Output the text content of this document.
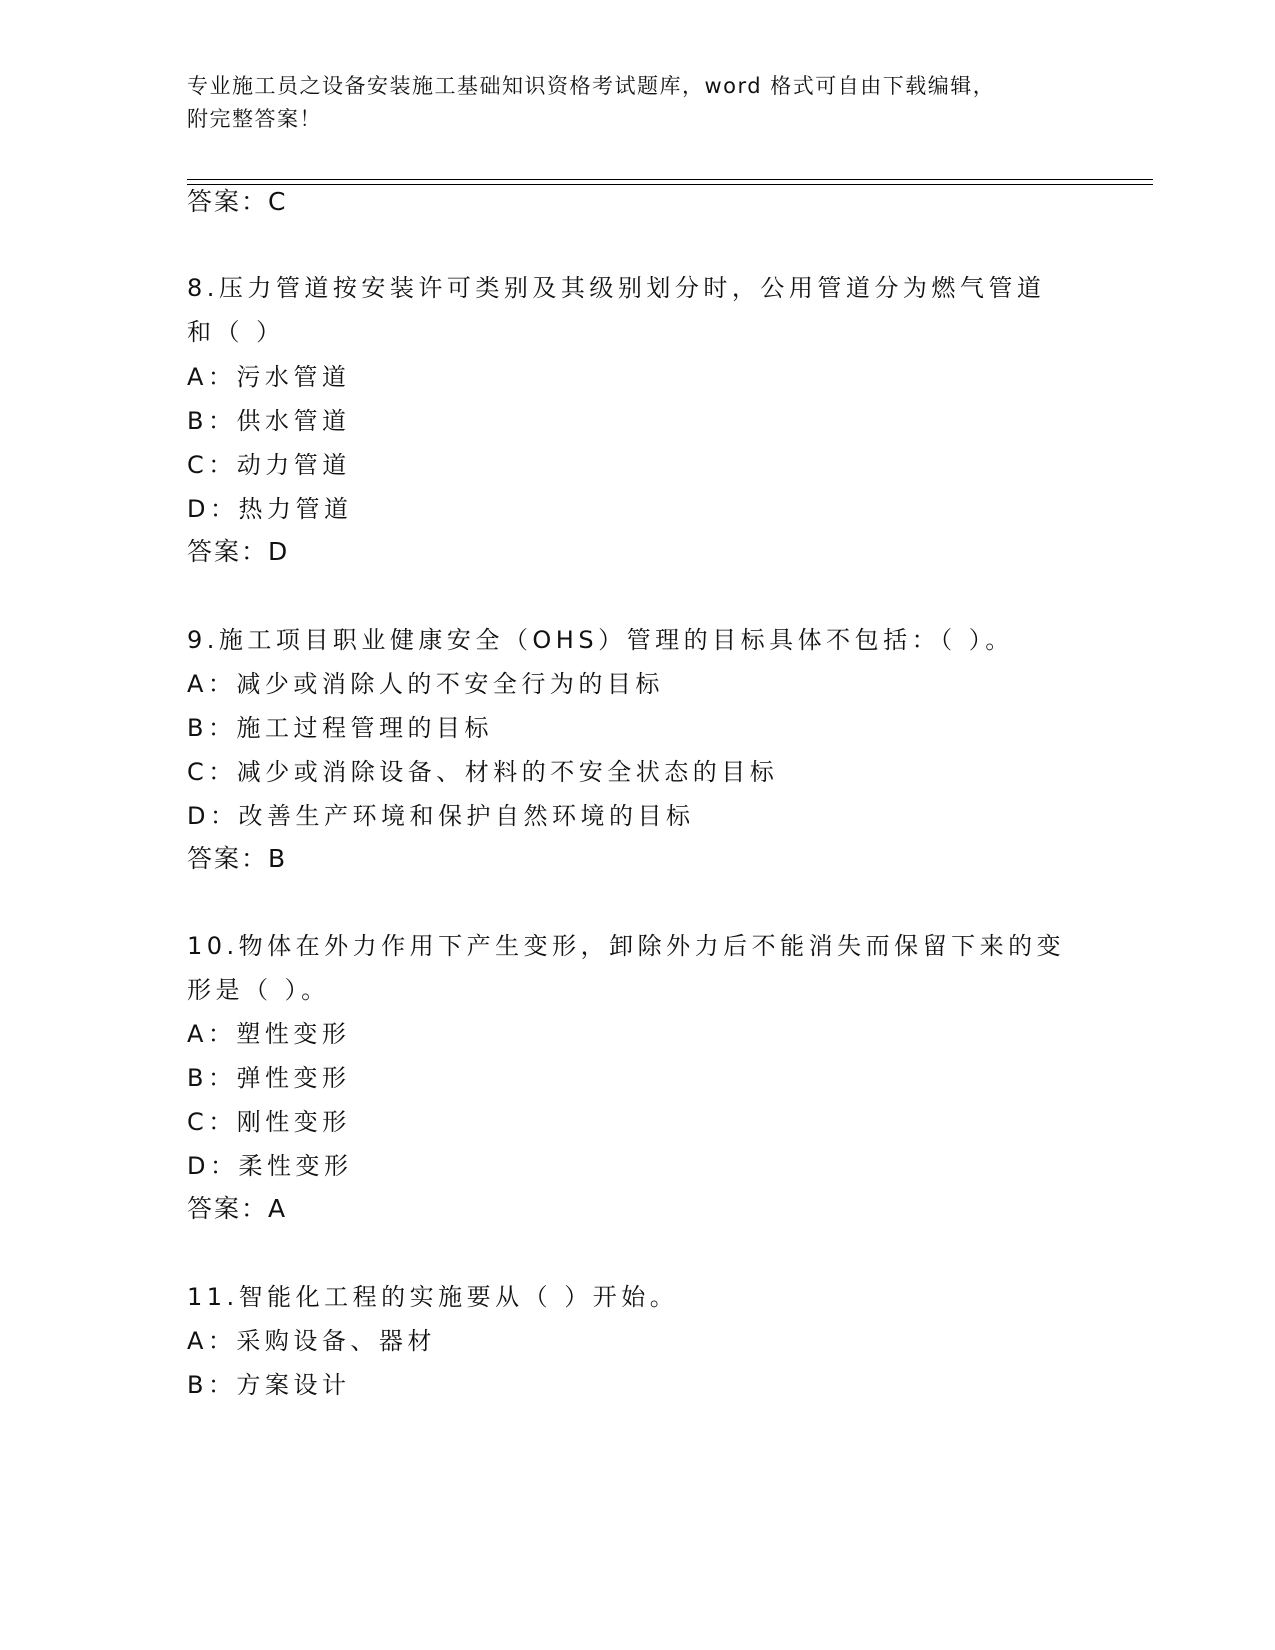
专业施工员之设备安装施工基础知识资格考试题库，word 格式可自由下载编辑，
附完整答案！
答案：C
8.压力管道按安装许可类别及其级别划分时，公用管道分为燃气管道
和（ ）
A：污水管道
B：供水管道
C：动力管道
D：热力管道
答案：D
9.施工项目职业健康安全（OHS）管理的目标具体不包括：（ ）。
A：减少或消除人的不安全行为的目标
B：施工过程管理的目标
C：减少或消除设备、材料的不安全状态的目标
D：改善生产环境和保护自然环境的目标
答案：B
10.物体在外力作用下产生变形，卸除外力后不能消失而保留下来的变
形是（ ）。
A：塑性变形
B：弹性变形
C：刚性变形
D：柔性变形
答案：A
11.智能化工程的实施要从（ ）开始。
A：采购设备、器材
B：方案设计
